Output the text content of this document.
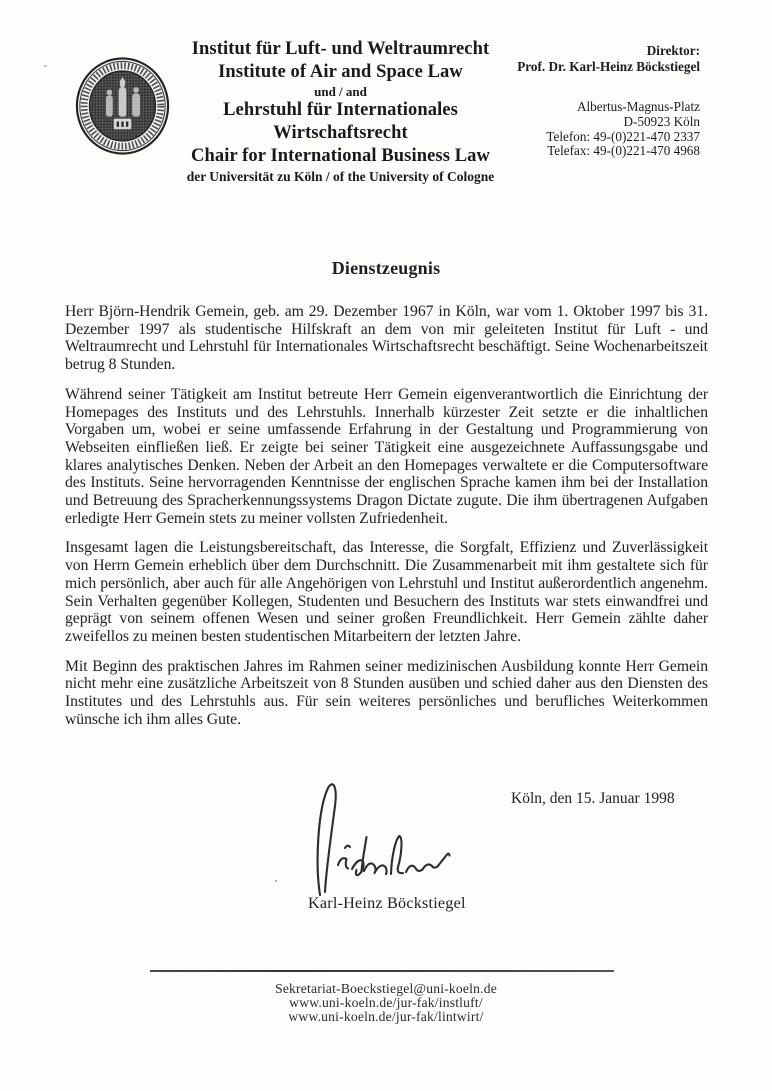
Institut für Luft- und Weltraumrecht
Institute of Air and Space Law
und / and
Lehrstuhl für Internationales
Wirtschaftsrecht
Chair for International Business Law
der Universität zu Köln / of the University of Cologne
Direktor:
Prof. Dr. Karl-Heinz Böckstiegel
Albertus-Magnus-Platz
D-50923 Köln
Telefon: 49-(0)221-470 2337
Telefax: 49-(0)221-470 4968
Dienstzeugnis

Herr Björn-Hendrik Gemein, geb. am 29. Dezember 1967 in Köln, war vom 1. Oktober 1997 bis 31. Dezember 1997 als studentische Hilfskraft an dem von mir geleiteten Institut für Luft - und Weltraumrecht und Lehrstuhl für Internationales Wirtschaftsrecht beschäftigt. Seine Wochenarbeitszeit betrug 8 Stunden.

Während seiner Tätigkeit am Institut betreute Herr Gemein eigenverantwortlich die Einrichtung der Homepages des Instituts und des Lehrstuhls. Innerhalb kürzester Zeit setzte er die inhaltlichen Vorgaben um, wobei er seine umfassende Erfahrung in der Gestaltung und Programmierung von Webseiten einfließen ließ. Er zeigte bei seiner Tätigkeit eine ausgezeichnete Auffassungsgabe und klares analytisches Denken. Neben der Arbeit an den Homepages verwaltete er die Computersoftware des Instituts. Seine hervorragenden Kenntnisse der englischen Sprache kamen ihm bei der Installation und Betreuung des Spracherkennungssystems Dragon Dictate zugute. Die ihm übertragenen Aufgaben erledigte Herr Gemein stets zu meiner vollsten Zufriedenheit.

Insgesamt lagen die Leistungsbereitschaft, das Interesse, die Sorgfalt, Effizienz und Zuverlässigkeit von Herrn Gemein erheblich über dem Durchschnitt. Die Zusammenarbeit mit ihm gestaltete sich für mich persönlich, aber auch für alle Angehörigen von Lehrstuhl und Institut außerordentlich angenehm. Sein Verhalten gegenüber Kollegen, Studenten und Besuchern des Instituts war stets einwandfrei und geprägt von seinem offenen Wesen und seiner großen Freundlichkeit. Herr Gemein zählte daher zweifellos zu meinen besten studentischen Mitarbeitern der letzten Jahre.

Mit Beginn des praktischen Jahres im Rahmen seiner medizinischen Ausbildung konnte Herr Gemein nicht mehr eine zusätzliche Arbeitszeit von 8 Stunden ausüben und schied daher aus den Diensten des Institutes und des Lehrstuhls aus. Für sein weiteres persönliches und berufliches Weiterkommen wünsche ich ihm alles Gute.

Köln, den 15. Januar 1998
Karl-Heinz Böckstiegel
Sekretariat-Boeckstiegel@uni-koeln.de
www.uni-koeln.de/jur-fak/instluft/
www.uni-koeln.de/jur-fak/lintwirt/
